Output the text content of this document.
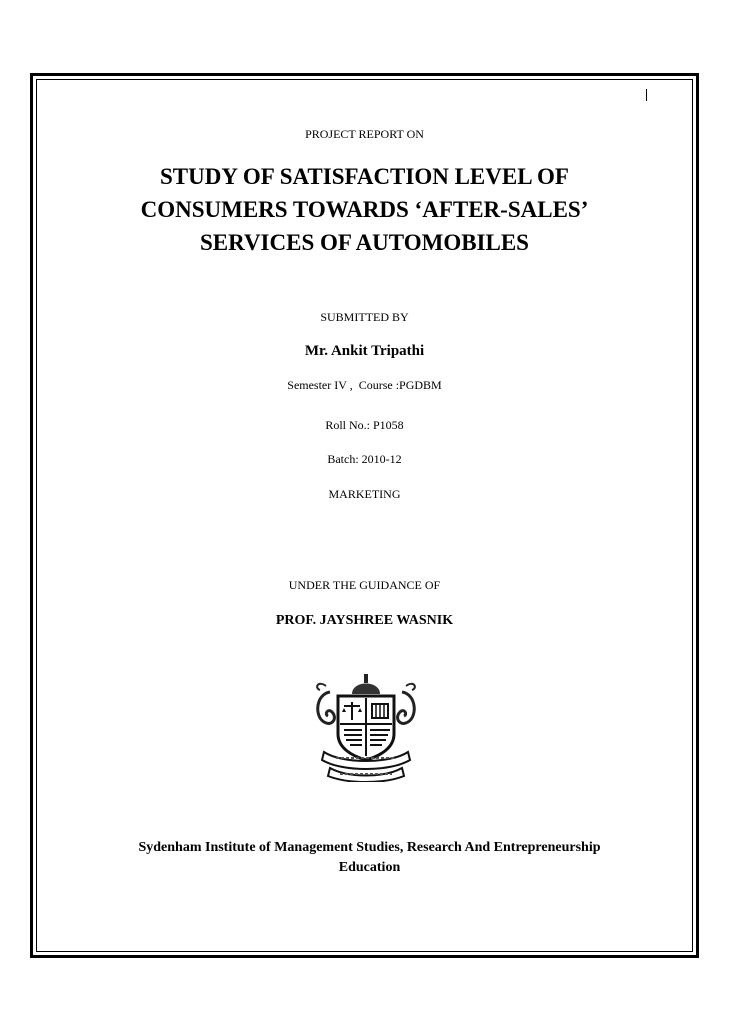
PROJECT REPORT ON
STUDY OF SATISFACTION LEVEL OF
CONSUMERS TOWARDS ‘AFTER-SALES’
SERVICES OF AUTOMOBILES
SUBMITTED BY
Mr. Ankit Tripathi
Semester IV ,  Course :PGDBM
Roll No.: P1058
Batch: 2010-12
MARKETING
UNDER THE GUIDANCE OF
PROF. JAYSHREE WASNIK
Sydenham Institute of Management Studies, Research And Entrepreneurship
Education
